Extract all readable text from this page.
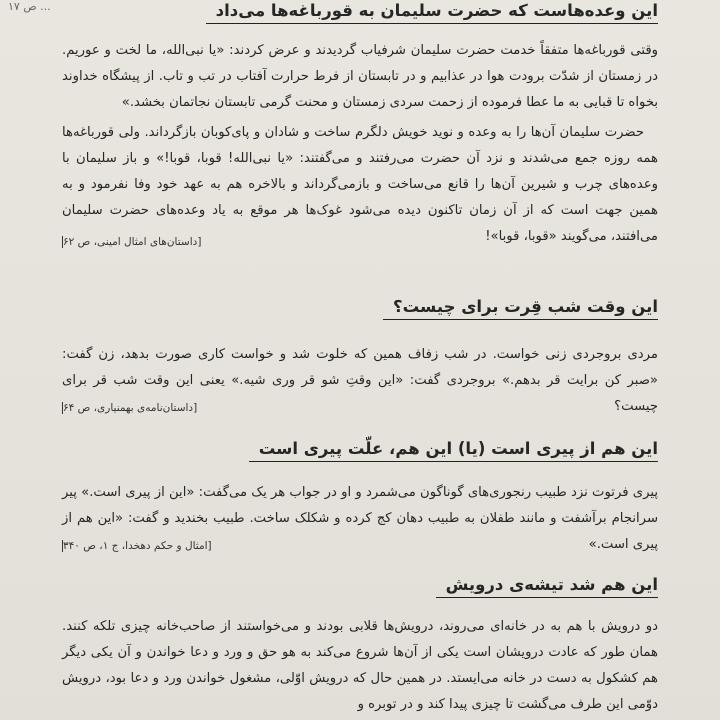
... ص ۱۷	این وعده‌هاست که حضرت سلیمان به قورباغه‌ها می‌داد

وقتی قورباغه‌ها متفقاً خدمت حضرت سلیمان شرفیاب گردیدند و عرض کردند: «یا نبی‌الله، ما لخت و عوریم. در زمستان از شدّت برودت هوا در عذابیم و در تابستان از فرط حرارت آفتاب در تب و تاب. از پیشگاه خداوند بخواه تا قبایی به ما عطا فرموده از زحمت سردی زمستان و محنت گرمی تابستان نجاتمان بخشد.»

حضرت سلیمان آن‌ها را به وعده و نوید خویش دلگرم ساخت و شادان و پای‌کوبان بازگرداند. ولی قورباغه‌ها همه روزه جمع می‌شدند و نزد آن حضرت می‌رفتند و می‌گفتند: «یا نبی‌الله! قوبا، قوبا!» و باز سلیمان با وعده‌های چرب و شیرین آن‌ها را قانع می‌ساخت و بازمی‌گرداند و بالاخره هم به عهد خود وفا نفرمود و به همین جهت است که از آن زمان تاکنون دیده می‌شود غوک‌ها هر موقع به یاد وعده‌های حضرت سلیمان می‌افتند، می‌گویند «قوبا، قوبا»!

[ داستان‌های امثال امینی، ص ۶۲
این وقت شب قِرت برای چیست؟

مردی بروجردی زنی خواست. در شب زفاف همین که خلوت شد و خواست کاری صورت بدهد، زن گفت: «صبر کن برایت قر بدهم.» بروجردی گفت: «این وقتِ شو قر وری شیه.» یعنی این وقت شب قر برای چیست؟

[ داستان‌نامه‌ی بهمنیاری، ص ۶۴
این هم از پیری است (یا) این هم، علّت پیری است

پیری فرتوت نزد طبیب رنجوری‌های گوناگون می‌شمرد و او در جواب هر یک می‌گفت: «این از پیری است.» پیر سرانجام برآشفت و مانند طفلان به طبیب دهان کج کرده و شکلک ساخت. طبیب بخندید و گفت: «این هم از پیری است.»

[ امثال و حکم دهخدا، ج ۱، ص ۳۴۰
این هم شد تیشه‌ی درویش

دو درویش با هم به در خانه‌ای می‌روند، درویش‌ها قلابی بودند و می‌خواستند از صاحب‌خانه چیزی تلکه کنند. همان طور که عادت درویشان است یکی از آن‌ها شروع می‌کند به هو حق و ورد و دعا خواندن و آن یکی دیگر هم کشکول به دست در خانه می‌ایستد. در همین حال که درویش اوّلی، مشغول خواندن ورد و دعا بود، درویش دوّمی این طرف می‌گشت تا چیزی پیدا کند و در توبره و
